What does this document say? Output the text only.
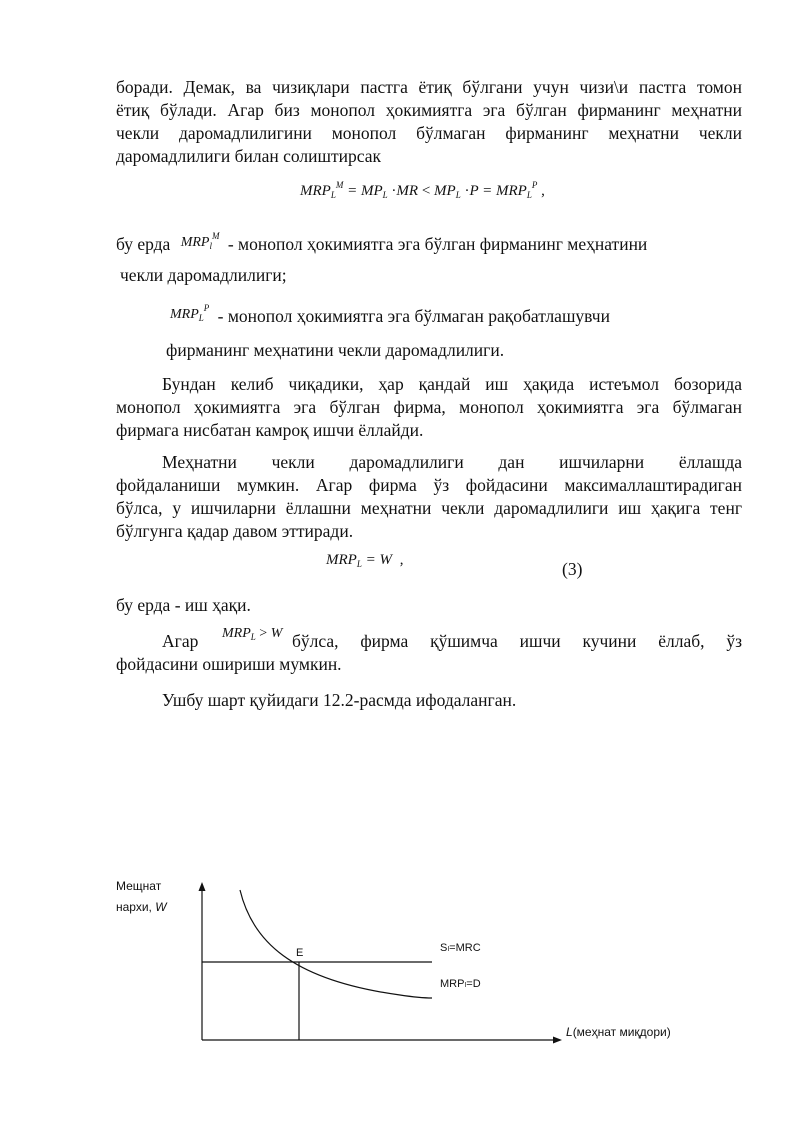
боради. Демак, ва чизиқлари пастга ётиқ бўлгани учун чизи\и пастга томон
ётиқ бўлади. Агар биз монопол ҳокимиятга эга бўлган фирманинг меҳнатни
чекли даромадлилигини монопол бўлмаган фирманинг меҳнатни чекли
даромадлилиги билан солиштирсак
$MRP_L^M = MP_L \cdot MR < MP_L \cdot P = MRP_L^P$ ,
бу ерда $^{MRP_l^M}$ - монопол ҳокимиятга эга бўлган фирманинг меҳнатини
чекли даромадлилиги;
$^{MRP_L^P}$ - монопол ҳокимиятга эга бўлмаган рақобатлашувчи
фирманинг меҳнатини чекли даромадлилиги.
Бундан келиб чиқадики, ҳар қандай иш ҳақида истеъмол бозорида
монопол ҳокимиятга эга бўлган фирма, монопол ҳокимиятга эга бўлмаган
фирмага нисбатан камроқ ишчи ёллайди.
Меҳнатни чекли даромадлилиги дан ишчиларни ёллашда
фойдаланиши мумкин. Агар фирма ўз фойдасини максималлаштирадиган
бўлса, у ишчиларни ёллашни меҳнатни чекли даромадлилиги иш ҳақига тенг
бўлгунга қадар давом эттиради.
$MRP_L = W$ ,	(3)
бу ерда - иш ҳақи.
Агар	$MRP_L > W$ бўлса, фирма қўшимча ишчи кучини ёллаб, ўз
фойдасини ошириши мумкин.
Ушбу шарт қуйидаги 12.2-расмда ифодаланган.
Мещнат
нархи, W
E	Sₗ=MRC
MRPₗ=D
L(меҳнат миқдори)
